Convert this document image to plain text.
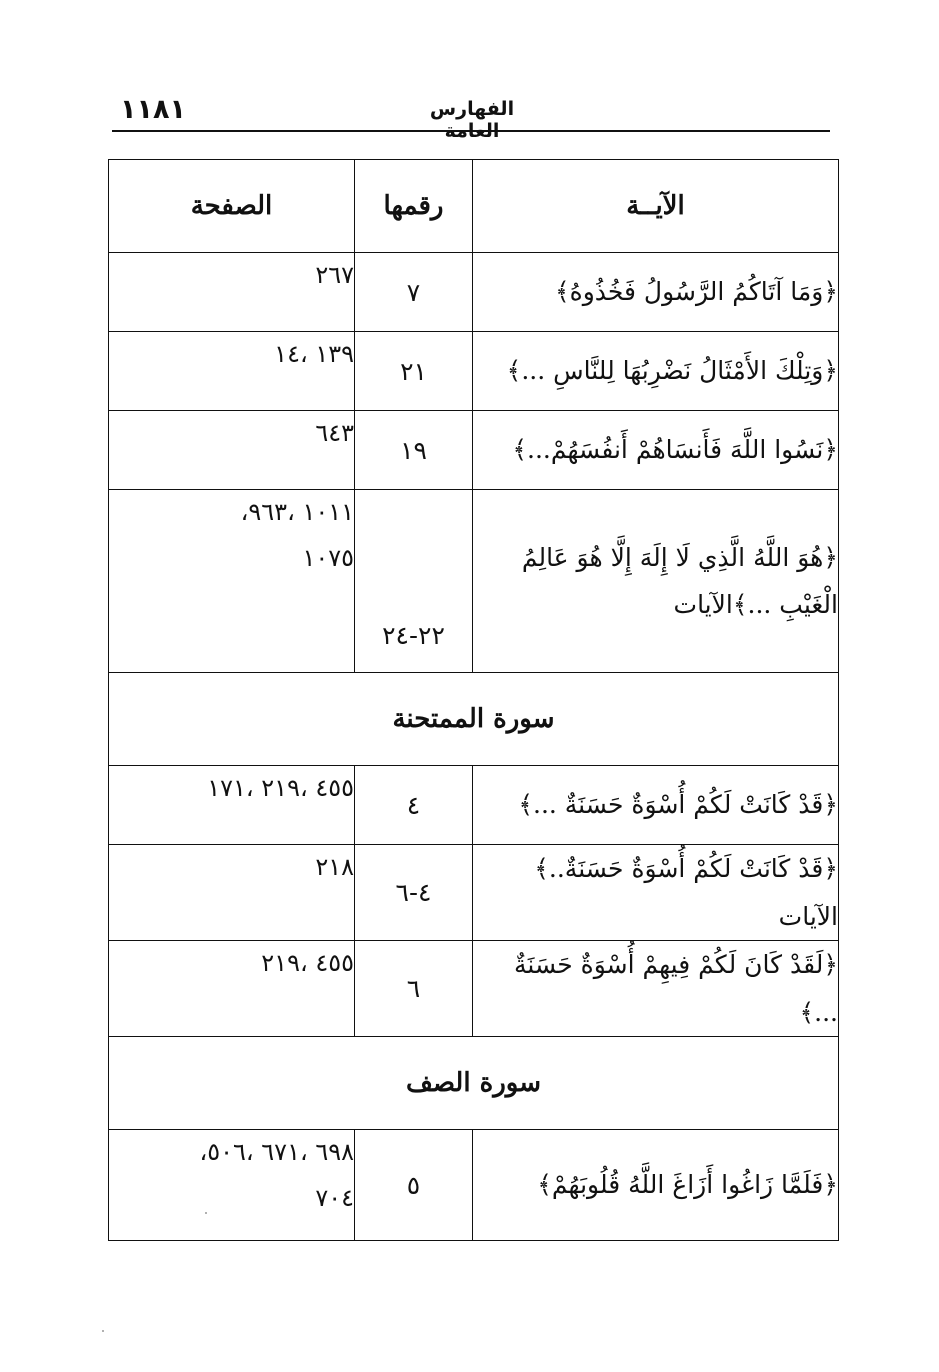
١١٨١	الفهارس العامة
الآيــة	رقمها	الصفحة
﴿وَمَا آتَاكُمُ الرَّسُولُ فَخُذُوهُ﴾	٧	٢٦٧

﴿وَتِلْكَ الأَمْثَالُ نَضْرِبُهَا لِلنَّاسِ ...﴾	٢١	١٣٩ ،١٤

﴿نَسُوا اللَّهَ فَأَنسَاهُمْ أَنفُسَهُمْ...﴾	١٩	٦٤٣

﴿هُوَ اللَّهُ الَّذِي لَا إِلَهَ إِلَّا هُوَ عَالِمُ الْغَيْبِ ...﴾الآيات	٢٢-٢٤	١٠١١ ،٩٦٣،
١٠٧٥

سورة الممتحنة		
﴿قَدْ كَانَتْ لَكُمْ أُسْوَةٌ حَسَنَةٌ ...﴾	٤	٤٥٥ ،٢١٩ ،١٧١

﴿قَدْ كَانَتْ لَكُمْ أُسْوَةٌ حَسَنَةٌ..﴾ الآيات	٤-٦	٢١٨

﴿لَقَدْ كَانَ لَكُمْ فِيهِمْ أُسْوَةٌ حَسَنَةٌ ...﴾	٦	٤٥٥ ،٢١٩

سورة الصف		
﴿فَلَمَّا زَاغُوا أَزَاغَ اللَّهُ قُلُوبَهُمْ﴾	٥	٦٩٨ ،٦٧١ ،٥٠٦،
٧٠٤
